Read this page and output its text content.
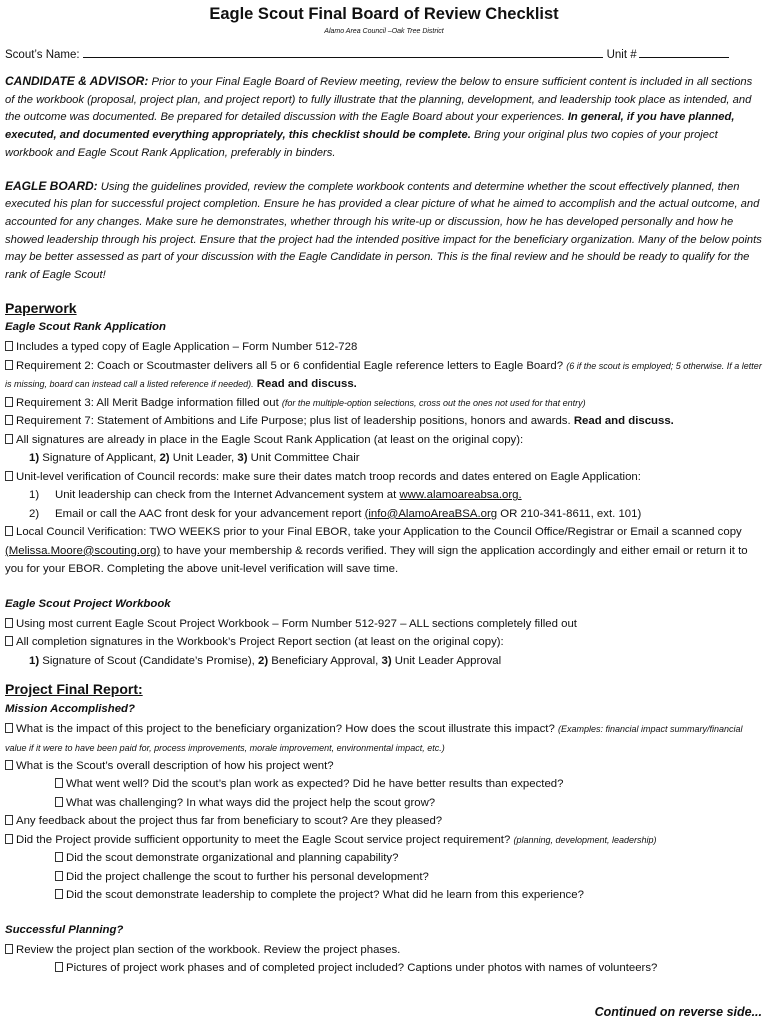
Eagle Scout Final Board of Review Checklist
Alamo Area Council –Oak Tree District
Scout’s Name:	Unit #

CANDIDATE & ADVISOR: Prior to your Final Eagle Board of Review meeting, review the below to ensure sufficient content is included in all sections of the workbook (proposal, project plan, and project report) to fully illustrate that the planning, development, and leadership took place as intended, and the outcome was documented. Be prepared for detailed discussion with the Eagle Board about your experiences. In general, if you have planned, executed, and documented everything appropriately, this checklist should be complete. Bring your original plus two copies of your project workbook and Eagle Scout Rank Application, preferably in binders.

EAGLE BOARD: Using the guidelines provided, review the complete workbook contents and determine whether the scout effectively planned, then executed his plan for successful project completion. Ensure he has provided a clear picture of what he aimed to accomplish and the actual outcome, and accounted for any changes. Make sure he demonstrates, whether through his write-up or discussion, how he has developed personally and how he showed leadership through his project. Ensure that the project had the intended positive impact for the beneficiary organization. Many of the below points may be better assessed as part of your discussion with the Eagle Candidate in person. This is the final review and he should be ready to qualify for the rank of Eagle Scout!

Paperwork
Eagle Scout Rank Application
Includes a typed copy of Eagle Application – Form Number 512-728
Requirement 2: Coach or Scoutmaster delivers all 5 or 6 confidential Eagle reference letters to Eagle Board? (6 if the scout is employed; 5 otherwise. If a letter is missing, board can instead call a listed reference if needed). Read and discuss.
Requirement 3: All Merit Badge information filled out (for the multiple-option selections, cross out the ones not used for that entry)
Requirement 7: Statement of Ambitions and Life Purpose; plus list of leadership positions, honors and awards. Read and discuss.
All signatures are already in place in the Eagle Scout Rank Application (at least on the original copy):
1) Signature of Applicant, 2) Unit Leader, 3) Unit Committee Chair
Unit-level verification of Council records: make sure their dates match troop records and dates entered on Eagle Application:
1) Unit leadership can check from the Internet Advancement system at www.alamoareabsa.org.
2) Email or call the AAC front desk for your advancement report (info@AlamoAreaBSA.org OR 210-341-8611, ext. 101)
Local Council Verification: TWO WEEKS prior to your Final EBOR, take your Application to the Council Office/Registrar or Email a scanned copy (Melissa.Moore@scouting.org) to have your membership & records verified. They will sign the application accordingly and either email or return it to you for your EBOR. Completing the above unit-level verification will save time.
Eagle Scout Project Workbook
Using most current Eagle Scout Project Workbook – Form Number 512-927 – ALL sections completely filled out
All completion signatures in the Workbook’s Project Report section (at least on the original copy):
1) Signature of Scout (Candidate’s Promise), 2) Beneficiary Approval, 3) Unit Leader Approval
Project Final Report:
Mission Accomplished?
What is the impact of this project to the beneficiary organization? How does the scout illustrate this impact? (Examples: financial impact summary/financial value if it were to have been paid for, process improvements, morale improvement, environmental impact, etc.)
What is the Scout’s overall description of how his project went?
What went well? Did the scout’s plan work as expected? Did he have better results than expected?
What was challenging? In what ways did the project help the scout grow?
Any feedback about the project thus far from beneficiary to scout? Are they pleased?
Did the Project provide sufficient opportunity to meet the Eagle Scout service project requirement? (planning, development, leadership)
Did the scout demonstrate organizational and planning capability?
Did the project challenge the scout to further his personal development?
Did the scout demonstrate leadership to complete the project? What did he learn from this experience?
Successful Planning?
Review the project plan section of the workbook. Review the project phases.
Pictures of project work phases and of completed project included? Captions under photos with names of volunteers?
Continued on reverse side...
